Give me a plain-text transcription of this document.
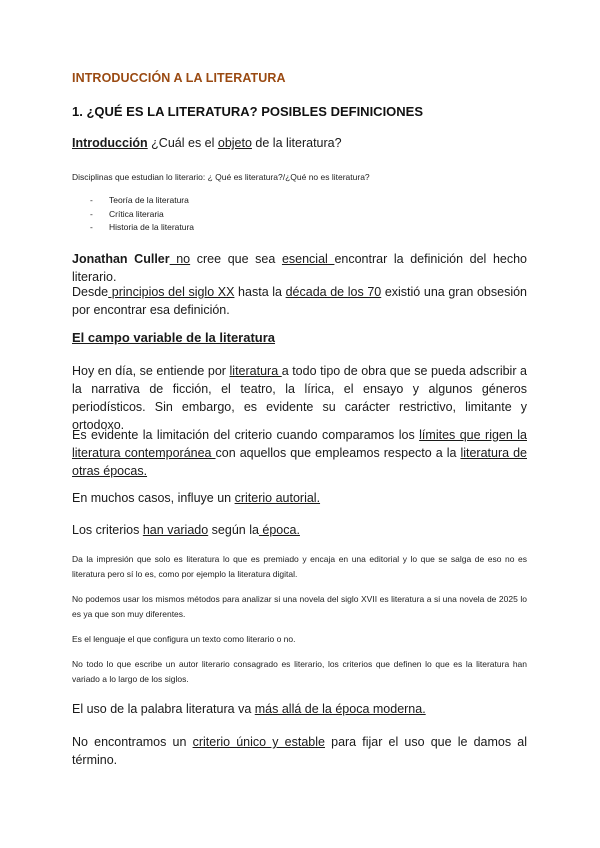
INTRODUCCIÓN A LA LITERATURA
1. ¿QUÉ ES LA LITERATURA? POSIBLES DEFINICIONES

Introducción ¿Cuál es el objeto de la literatura?

Disciplinas que estudian lo literario: ¿ Qué es literatura?/¿Qué no es literatura?

- Teoría de la literatura
- Crítica literaria
- Historia de la literatura

Jonathan Culler no cree que sea esencial encontrar la definición del hecho literario.

Desde principios del siglo XX hasta la década de los 70 existió una gran obsesión por encontrar esa definición.

El campo variable de la literatura

Hoy en día, se entiende por literatura a todo tipo de obra que se pueda adscribir a la narrativa de ficción, el teatro, la lírica, el ensayo y algunos géneros periodísticos. Sin embargo, es evidente su carácter restrictivo, limitante y ortodoxo.

Es evidente la limitación del criterio cuando comparamos los límites que rigen la literatura contemporánea con aquellos que empleamos respecto a la literatura de otras épocas.

En muchos casos, influye un criterio autorial.

Los criterios han variado según la época.

Da la impresión que solo es literatura lo que es premiado y encaja en una editorial y lo que se salga de eso no es literatura pero sí lo es, como por ejemplo la literatura digital.

No podemos usar los mismos métodos para analizar si una novela del siglo XVII es literatura a si una novela de 2025 lo es ya que son muy diferentes.

Es el lenguaje el que configura un texto como literario o no.

No todo lo que escribe un autor literario consagrado es literario, los criterios que definen lo que es la literatura han variado a lo largo de los siglos.

El uso de la palabra literatura va más allá de la época moderna.

No encontramos un criterio único y estable para fijar el uso que le damos al término.
